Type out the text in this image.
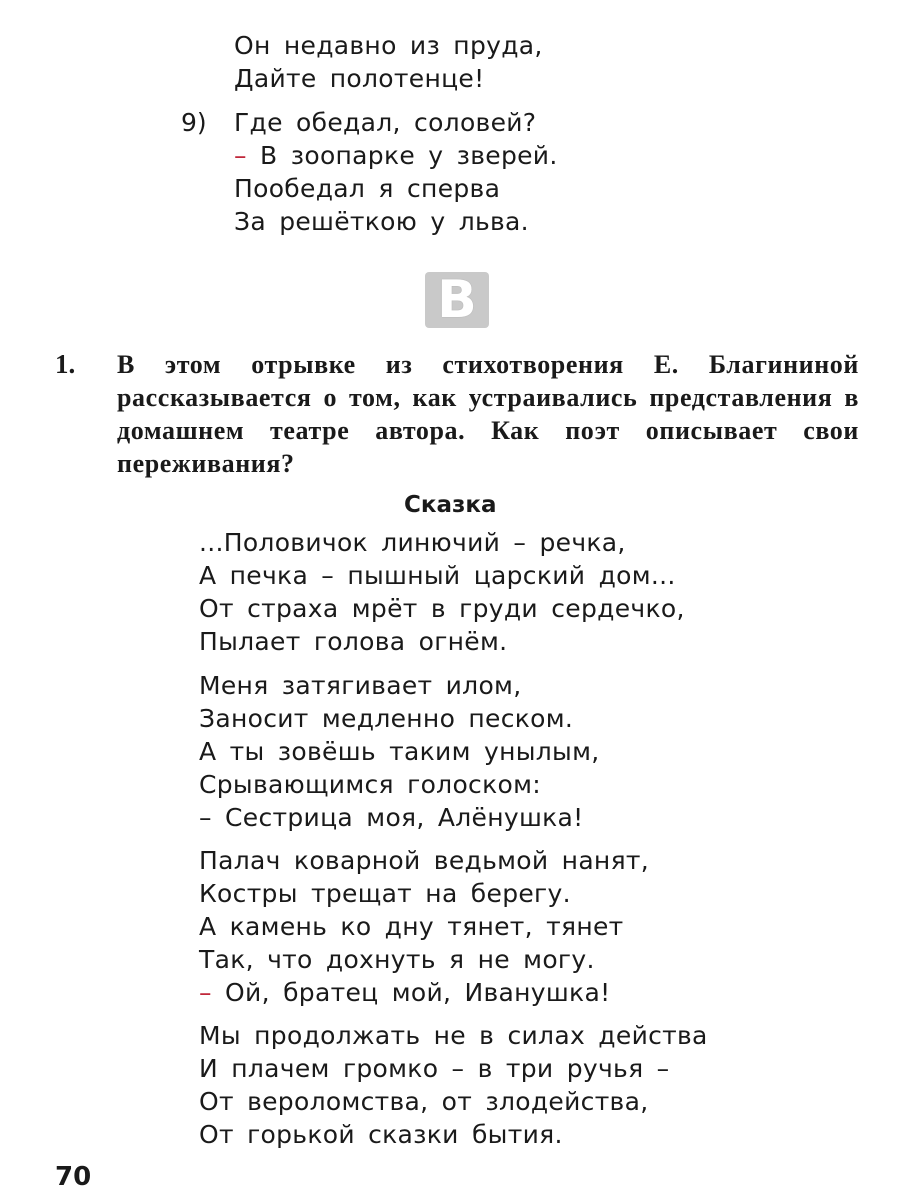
Он недавно из пруда,
Дайте полотенце!
9) Где обедал, соловей?
– В зоопарке у зверей.
Пообедал я сперва
За решёткою у льва.
В
1. В этом отрывке из стихотворения Е. Благининой рассказывается о том, как устраивались представления в домашнем театре автора. Как поэт описывает свои переживания?
Сказка
...Половичок линючий – речка,
А печка – пышный царский дом...
От страха мрёт в груди сердечко,
Пылает голова огнём.
Меня затягивает илом,
Заносит медленно песком.
А ты зовёшь таким унылым,
Срывающимся голоском:
– Сестрица моя, Алёнушка!
Палач коварной ведьмой нанят,
Костры трещат на берегу.
А камень ко дну тянет, тянет
Так, что дохнуть я не могу.
– Ой, братец мой, Иванушка!
Мы продолжать не в силах действа
И плачем громко – в три ручья –
От вероломства, от злодейства,
От горькой сказки бытия.
70
